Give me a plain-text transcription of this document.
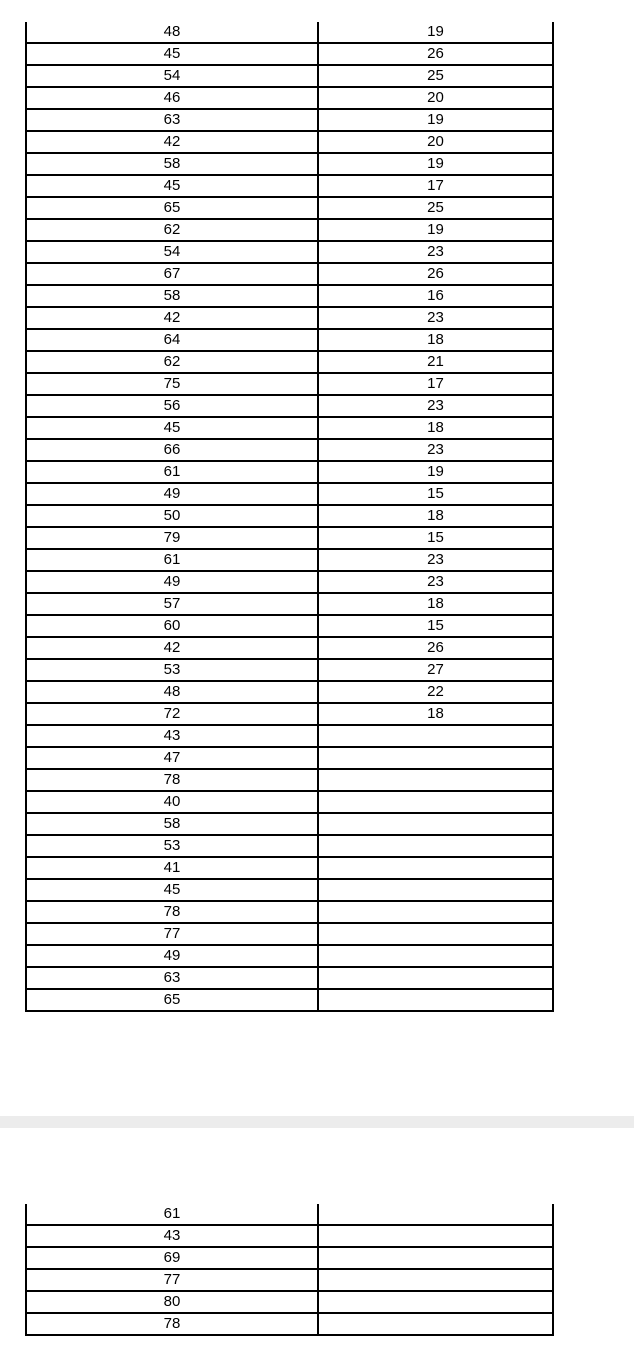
48	19
45	26
54	25
46	20
63	19
42	20
58	19
45	17
65	25
62	19
54	23
67	26
58	16
42	23
64	18
62	21
75	17
56	23
45	18
66	23
61	19
49	15
50	18
79	15
61	23
49	23
57	18
60	15
42	26
53	27
48	22
72	18
43	
47	
78	
40	
58	
53	
41	
45	
78	
77	
49	
63	
65	
61	
43	
69	
77	
80	
78	
